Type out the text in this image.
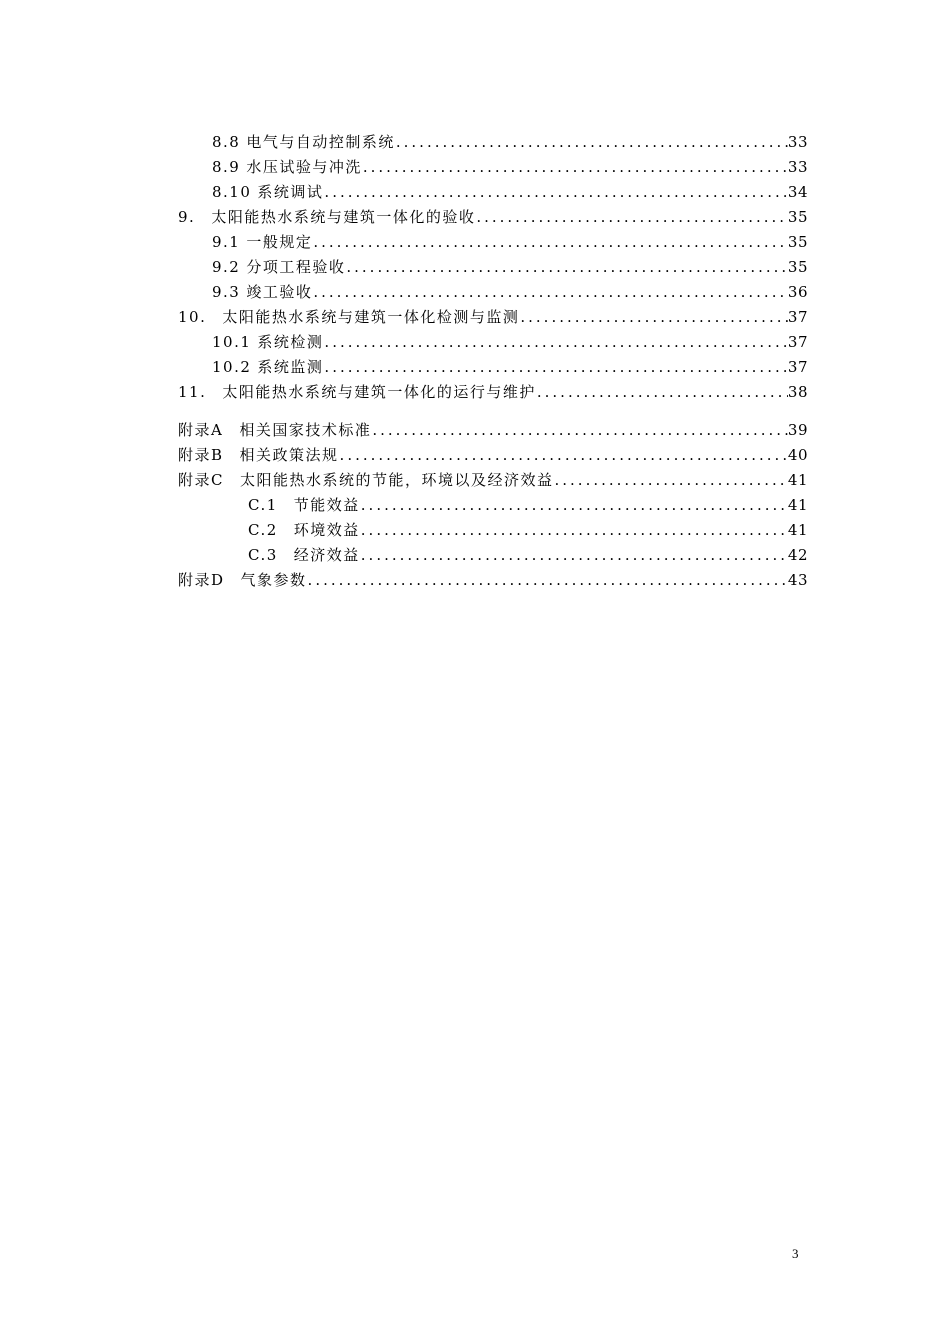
8.8 电气与自动控制系统 .....	33
8.9 水压试验与冲洗 .....	33
8.10 系统调试 .....	34
9.	太阳能热水系统与建筑一体化的验收 .....	35
9.1 一般规定 .....	35
9.2 分项工程验收 .....	35
9.3 竣工验收 .....	36
10.	太阳能热水系统与建筑一体化检测与监测 .....	37
10.1 系统检测 .....	37
10.2 系统监测 .....	37
11.	太阳能热水系统与建筑一体化的运行与维护 .....	38
附录A	相关国家技术标准 .....	39
附录B	相关政策法规 .....	40
附录C	太阳能热水系统的节能，环境以及经济效益 .....	41
C.1	节能效益 .....	41
C.2	环境效益 .....	41
C.3	经济效益 .....	42
附录D	气象参数 .....	43
3
